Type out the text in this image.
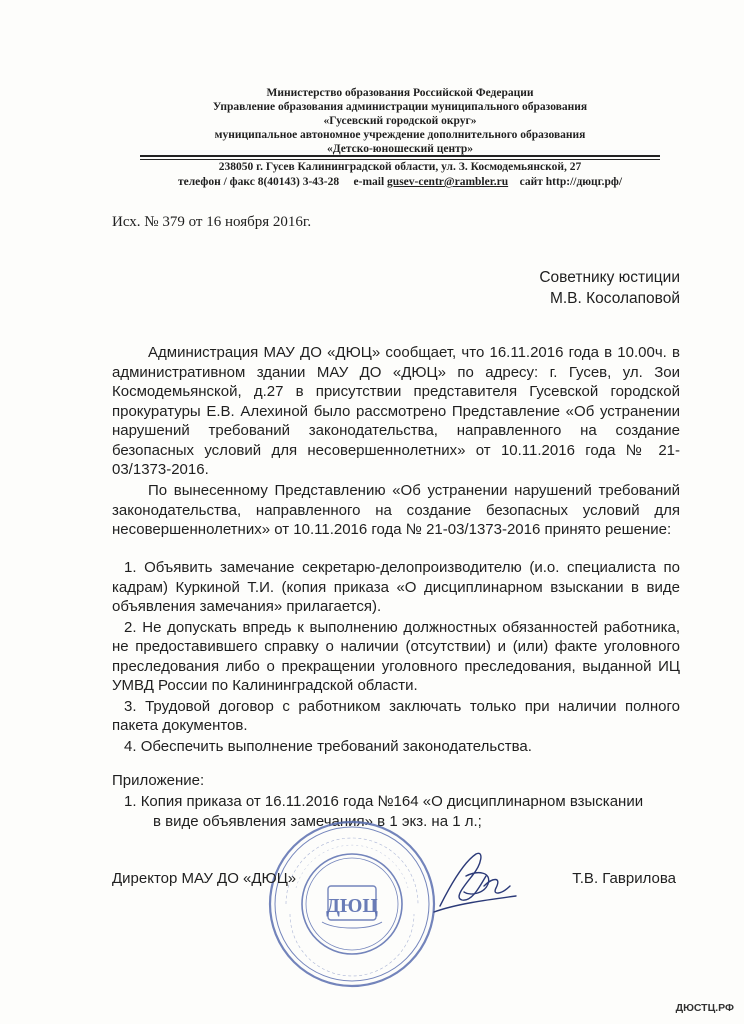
Министерство образования Российской Федерации
Управление образования администрации муниципального образования
«Гусевский городской округ»
муниципальное автономное учреждение дополнительного образования
«Детско-юношеский центр»
238050 г. Гусев Калининградской области, ул. З. Космодемьянской, 27
телефон / факс 8(40143) 3-43-28 e-mail gusev-centr@rambler.ru сайт http://дюцг.рф/
Исх. № 379 от 16 ноября 2016г.
Советнику юстиции
М.В. Косолаповой
Администрация МАУ ДО «ДЮЦ» сообщает, что 16.11.2016 года в 10.00ч. в административном здании МАУ ДО «ДЮЦ» по адресу: г. Гусев, ул. Зои Космодемьянской, д.27 в присутствии представителя Гусевской городской прокуратуры Е.В. Алехиной было рассмотрено Представление «Об устранении нарушений требований законодательства, направленного на создание безопасных условий для несовершеннолетних» от 10.11.2016 года № 21-03/1373-2016.
По вынесенному Представлению «Об устранении нарушений требований законодательства, направленного на создание безопасных условий для несовершеннолетних» от 10.11.2016 года № 21-03/1373-2016 принято решение:
1. Объявить замечание секретарю-делопроизводителю (и.о. специалиста по кадрам) Куркиной Т.И. (копия приказа «О дисциплинарном взыскании в виде объявления замечания» прилагается).
2. Не допускать впредь к выполнению должностных обязанностей работника, не предоставившего справку о наличии (отсутствии) и (или) факте уголовного преследования либо о прекращении уголовного преследования, выданной ИЦ УМВД России по Калининградской области.
3. Трудовой договор с работником заключать только при наличии полного пакета документов.
4. Обеспечить выполнение требований законодательства.
Приложение:
1. Копия приказа от 16.11.2016 года №164 «О дисциплинарном взыскании
в виде объявления замечания» в 1 экз. на 1 л.;
ДЮЦ
Директор МАУ ДО «ДЮЦ»	Т.В. Гаврилова
ДЮСТЦ.РФ
